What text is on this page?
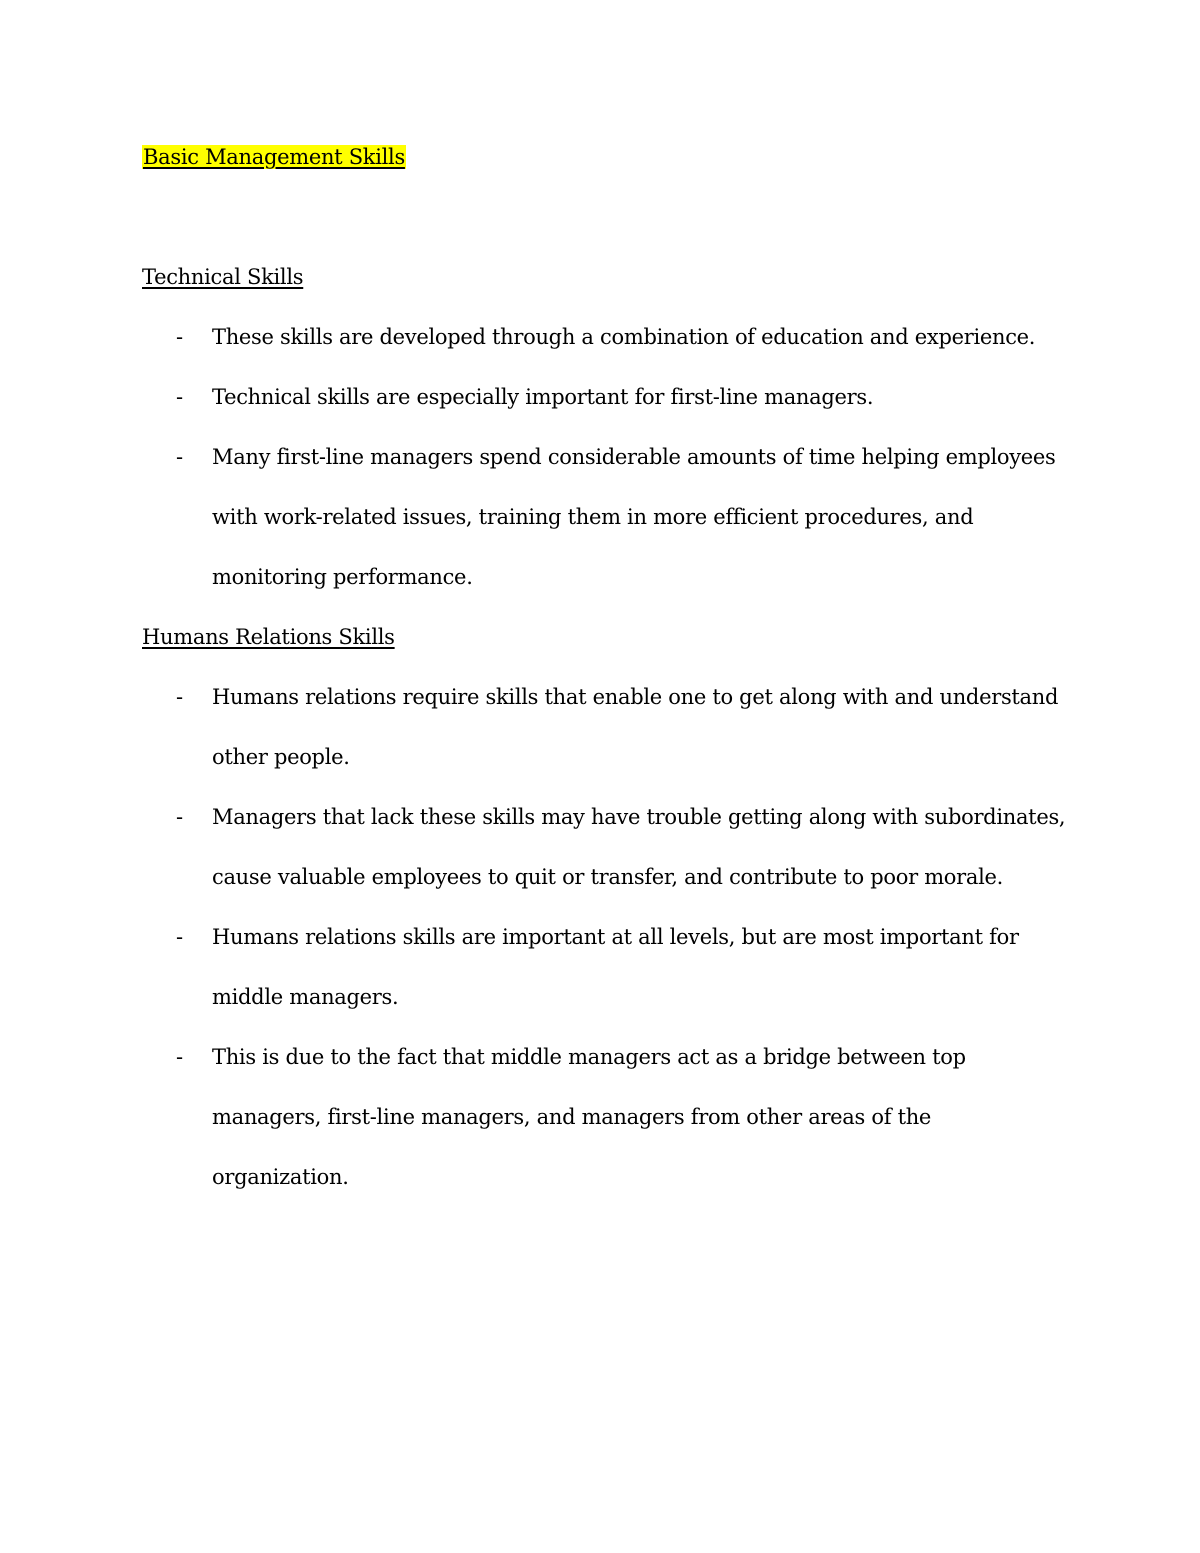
Basic Management Skills
Technical Skills
- These skills are developed through a combination of education and experience.
- Technical skills are especially important for first-line managers.
- Many first-line managers spend considerable amounts of time helping employees with work-related issues, training them in more efficient procedures, and monitoring performance.
Humans Relations Skills
- Humans relations require skills that enable one to get along with and understand other people.
- Managers that lack these skills may have trouble getting along with subordinates, cause valuable employees to quit or transfer, and contribute to poor morale.
- Humans relations skills are important at all levels, but are most important for middle managers.
- This is due to the fact that middle managers act as a bridge between top managers, first-line managers, and managers from other areas of the organization.
